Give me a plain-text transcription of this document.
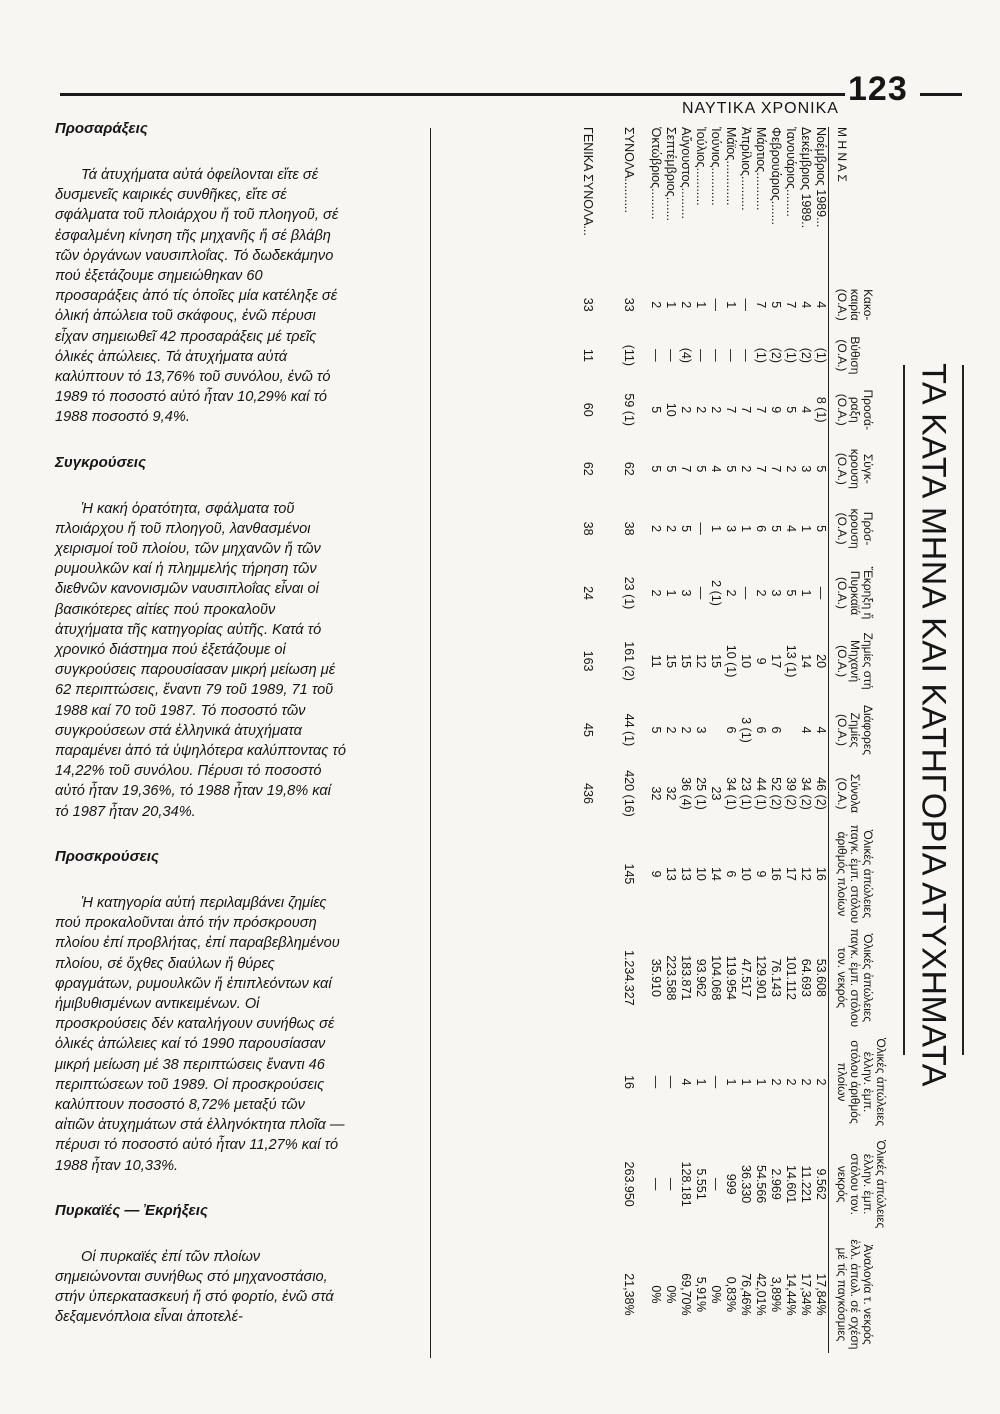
123
ΝΑΥΤΙΚΑ ΧΡΟΝΙΚΑ
Προσαράξεις

Τά ἀτυχήματα αὐτά ὀφείλονται εἴτε σέ δυσμενεῖς καιρικές συνθῆκες, εἴτε σέ σφάλματα τοῦ πλοιάρχου ἤ τοῦ πλοηγοῦ, σέ ἐσφαλμένη κίνηση τῆς μηχανῆς ἤ σέ βλάβη τῶν ὀργάνων ναυσιπλοΐας. Τό δωδεκάμηνο πού ἐξετάζουμε σημειώθηκαν 60 προσαράξεις ἀπό τίς ὁποῖες μία κατέληξε σέ ὁλική ἀπώλεια τοῦ σκάφους, ἐνῶ πέρυσι εἶχαν σημειωθεῖ 42 προσαράξεις μέ τρεῖς ὁλικές ἀπώλειες. Τά ἀτυχήματα αὐτά καλύπτουν τό 13,76% τοῦ συνόλου, ἐνῶ τό 1989 τό ποσοστό αὐτό ἦταν 10,29% καί τό 1988 ποσοστό 9,4%.

Συγκρούσεις

Ἡ κακή ὁρατότητα, σφάλματα τοῦ πλοιάρχου ἤ τοῦ πλοηγοῦ, λανθασμένοι χειρισμοί τοῦ πλοίου, τῶν μηχανῶν ἤ τῶν ρυμουλκῶν καί ἡ πλημμελής τήρηση τῶν διεθνῶν κανονισμῶν ναυσιπλοΐας εἶναι οἱ βασικότερες αἰτίες πού προκαλοῦν ἀτυχήματα τῆς κατηγορίας αὐτῆς. Κατά τό χρονικό διάστημα πού ἐξετάζουμε οἱ συγκρούσεις παρουσίασαν μικρή μείωση μέ 62 περιπτώσεις, ἔναντι 79 τοῦ 1989, 71 τοῦ 1988 καί 70 τοῦ 1987. Τό ποσοστό τῶν συγκρούσεων στά ἑλληνικά ἀτυχήματα παραμένει ἀπό τά ὑψηλότερα καλύπτοντας τό 14,22% τοῦ συνόλου. Πέρυσι τό ποσοστό αὐτό ἦταν 19,36%, τό 1988 ἦταν 19,8% καί τό 1987 ἦταν 20,34%.

Προσκρούσεις

Ἡ κατηγορία αὐτή περιλαμβάνει ζημίες πού προκαλοῦνται ἀπό τήν πρόσκρουση πλοίου ἐπί προβλήτας, ἐπί παραβεβλημένου πλοίου, σέ ὄχθες διαύλων ἤ θύρες φραγμάτων, ρυμουλκῶν ἤ ἐπιπλεόντων καί ἡμιβυθισμένων αντικειμένων. Οἱ προσκρούσεις δέν καταλήγουν συνήθως σέ ὁλικές ἀπώλειες καί τό 1990 παρουσίασαν μικρή μείωση μέ 38 περιπτώσεις ἔναντι 46 περιπτώσεων τοῦ 1989. Οἱ προσκρούσεις καλύπτουν ποσοστό 8,72% μεταξύ τῶν αἰτιῶν ἀτυχημάτων στά ἑλληνόκτητα πλοῖα — πέρυσι τό ποσοστό αὐτό ἦταν 11,27% καί τό 1988 ἦταν 10,33%.

Πυρκαϊές — Ἐκρήξεις

Οἱ πυρκαϊές ἐπί τῶν πλοίων σημειώνονται συνήθως στό μηχανοστάσιο, στήν ὑπερκατασκευή ἤ στό φορτίο, ἐνῶ στά δεξαμενόπλοια εἶναι ἀποτελέ-

ΤΑ ΚΑΤΑ ΜΗΝΑ ΚΑΙ ΚΑΤΗΓΟΡΙΑ ΑΤΥΧΗΜΑΤΑ
Μ Η Ν Α Σ	Κακο- καιρία (Ο.Α.)	Βύθιση (Ο.Α.)	Προσά- ραξη (Ο.Α.)	Σύγκ- κρουση (Ο.Α.)	Πρόσ- κρουση (Ο.Α.)	Ἔκρηξη ἤ Πυρκαϊά (Ο.Α.)	Ζημίες στή Μηχανή (Ο.Α.)	Διάφορες Ζημίες (Ο.Α.)	Σύνολα (Ο.Α.)	Ὁλικές ἀπώλειες παγκ. ἐμπ. στόλου ἀριθμός πλοίων	Ὁλικές ἀπώλειες παγκ. ἐμπ. στόλου τον. νεκρός	Ὁλικές ἀπώλειες ἑλλην. ἐμπ. στόλου ἀριθμός πλοίων	Ὁλικές ἀπώλειες ἑλλην. ἐμπ. στόλου τον. νεκρός	Ἀναλογία τ. νεκρός ἑλλ. ἀπωλ. σέ σχέση μέ τίς παγκόσμιες

Νοέμβριος 1989...	4	(1)	8 (1)	5	5	—	20	4	46 (2)	16	53.608	2	9.562	17,84%
Δεκέμβριος 1989..	4	(2)	4	3	1	1	14	4	34 (2)	12	64.693	2	11.221	17,34%
Ἰανουάριος........	7	(1)	5	2	4	5	13 (1)		39 (2)	17	101.112	2	14.601	14,44%
Φεβρουάριος.......	5	(2)	9	7	5	3	17	6	52 (2)	16	76.143	2	2.969	3,89%
Μάρτιος...........	7	(1)	7	7	6	2	9	6	44 (1)	9	129.901	1	54.566	42,01%
Ἀπρίλιος..........	—	—	7	2	1	—	10	3 (1)	23 (1)	10	47.517	1	36.330	76,46%
Μάϊος.............	1	—	7	5	3	2	10 (1)	6	34 (1)	6	119.954	1	999	0,83%
Ἰούνιος...........	—	—	2	4	1	2 (1)	15		23	14	104.068	—	—	0%
Ἰούλιος...........	1	—	2	5	—	—	12	3	25 (1)	10	93.962	1	5.551	5,91%
Αὔγουστος.........	2	(4)	2	7	5	3	15	2	36 (4)	13	183.871	4	128.181	69,70%
Σεπτέμβριος.......	1	—	10	5	2	1	15	2	32	13	223.588	—	—	0%
Ὀκτώβριος.........	2	—	5	5	2	2	11	5	32	9	35.910	—	—	0%
ΣΥΝΟΛΑ..........	33	(11)	59 (1)	62	38	23 (1)	161 (2)	44 (1)	420 (16)	145	1.234.327	16	263.950	21,38%
ΓΕΝΙΚΑ ΣΥΝΟΛΑ...	33	11	60	62	38	24	163	45	436					
